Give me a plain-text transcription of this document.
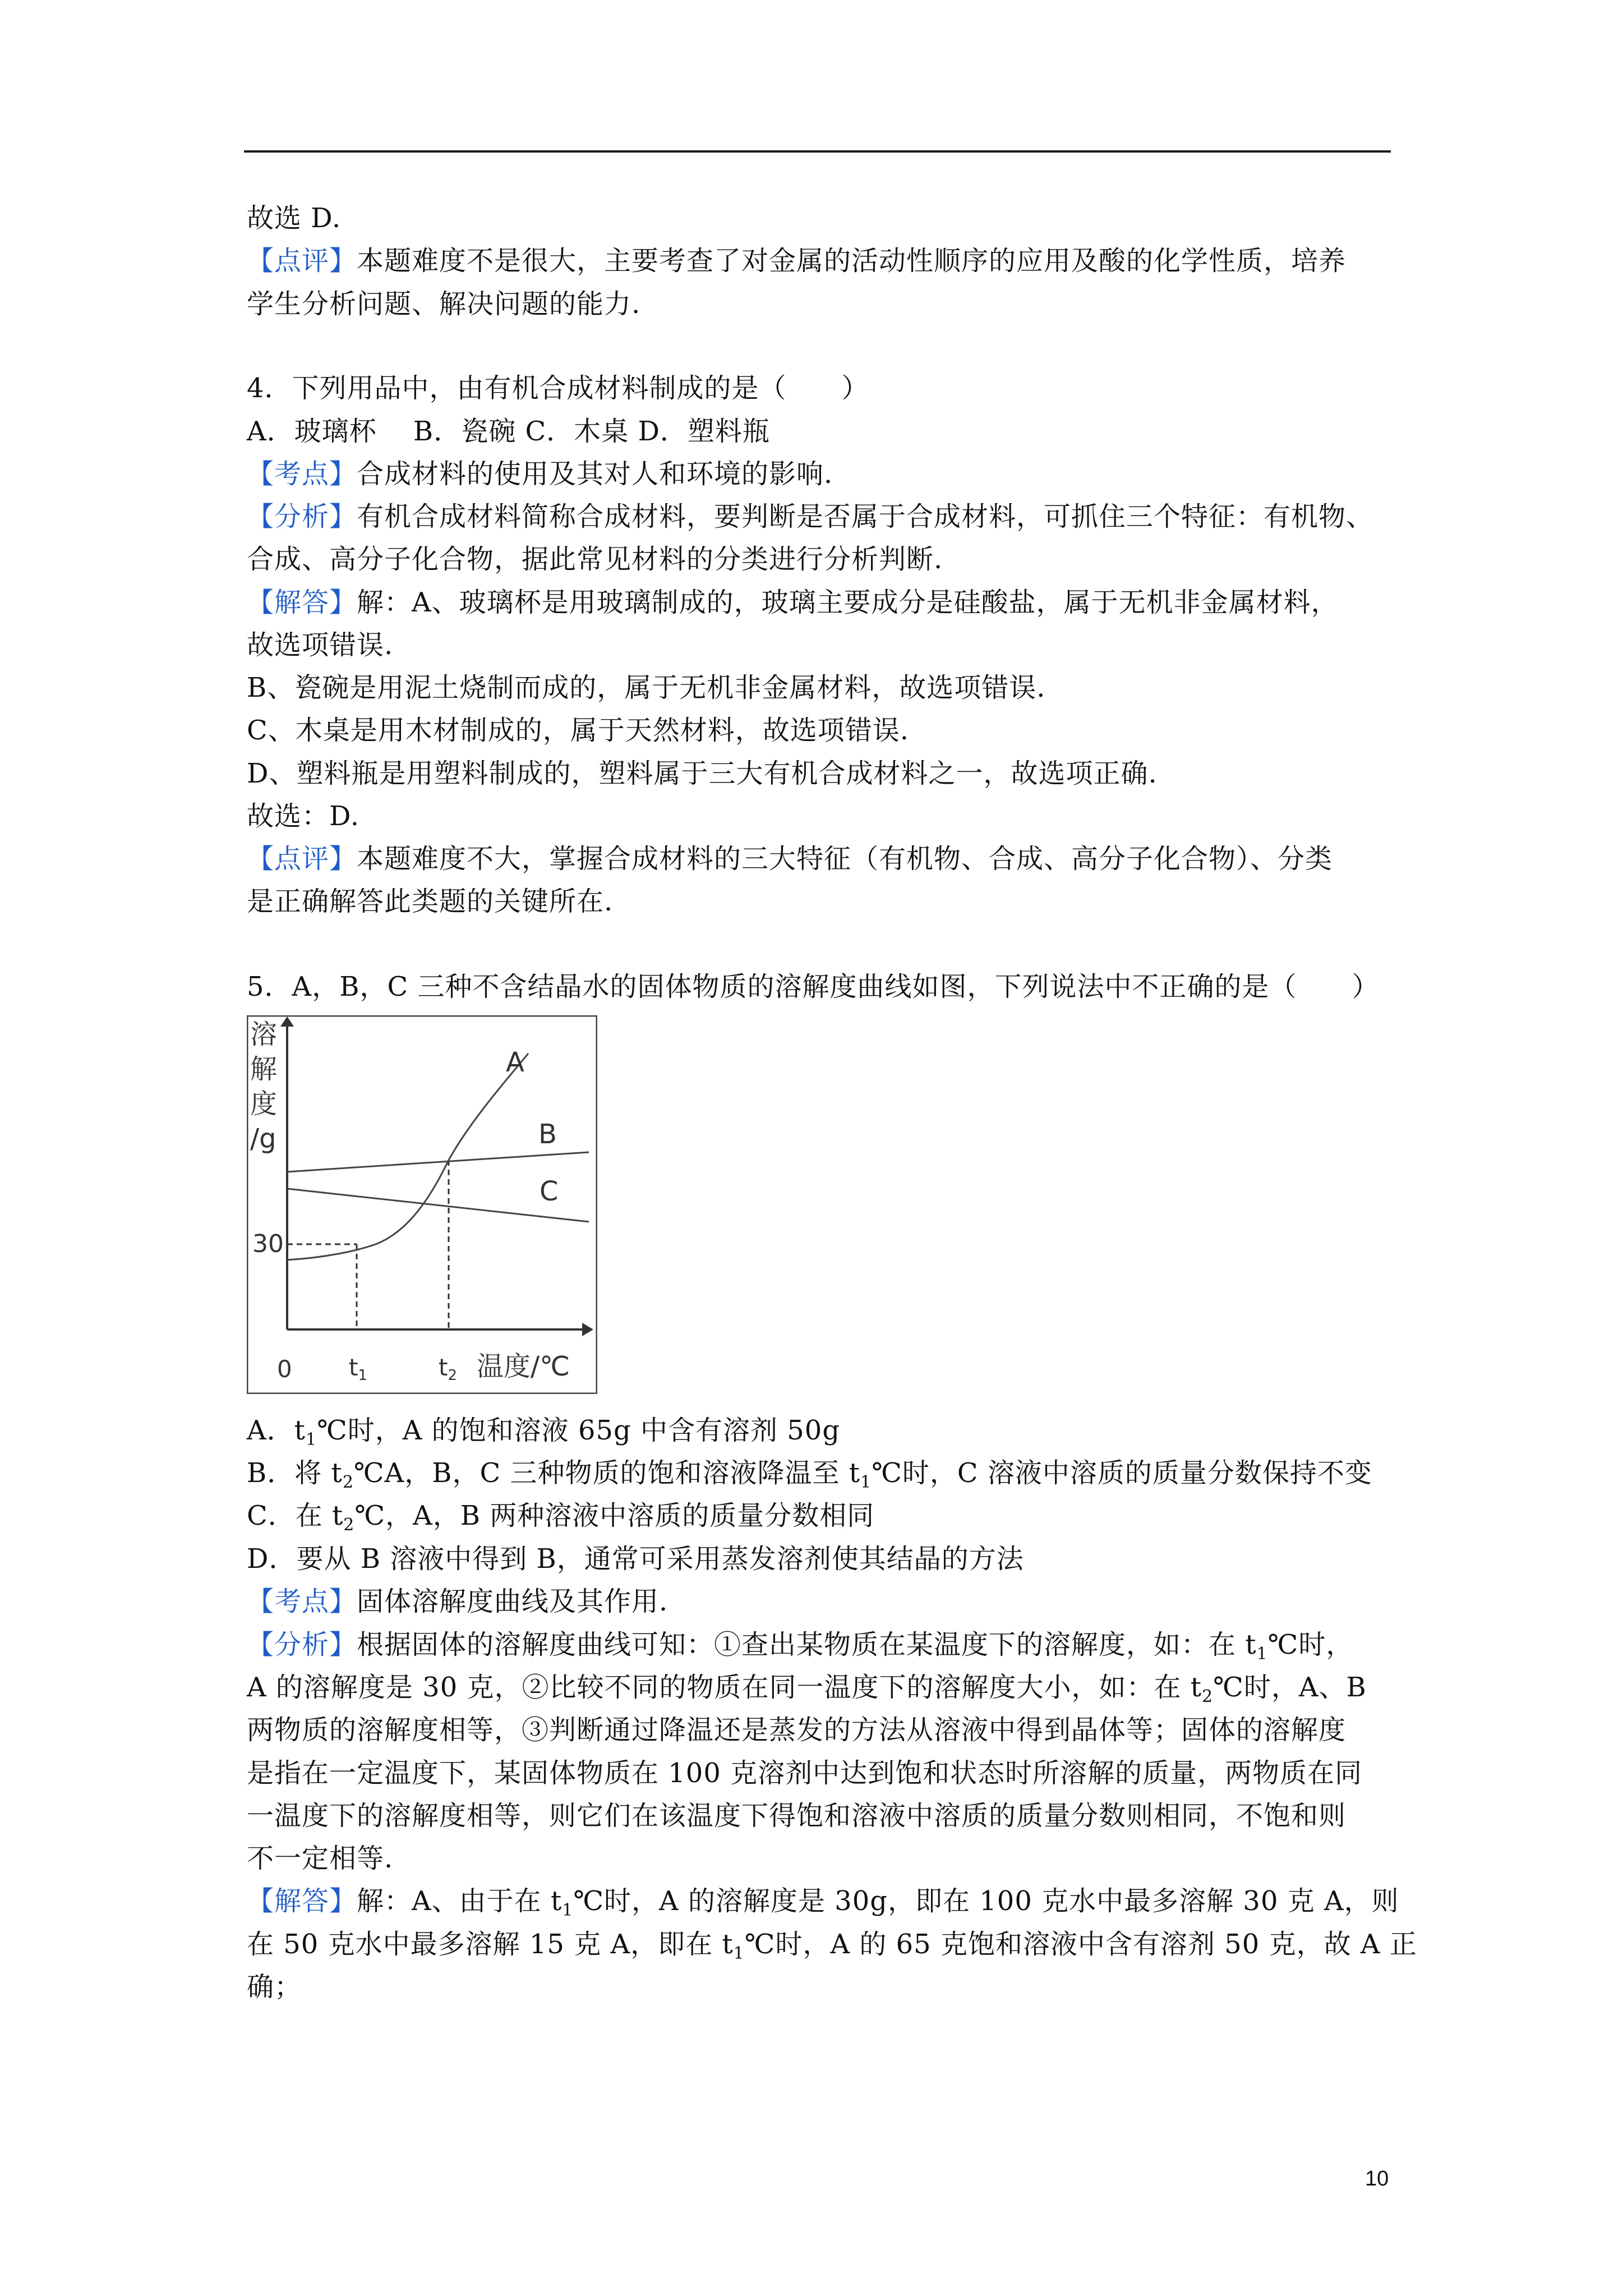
故选 D.
【点评】本题难度不是很大，主要考查了对金属的活动性顺序的应用及酸的化学性质，培养
学生分析问题、解决问题的能力.
4．下列用品中，由有机合成材料制成的是（　　）
A．玻璃杯　 B．瓷碗 C．木桌 D．塑料瓶
【考点】合成材料的使用及其对人和环境的影响.
【分析】有机合成材料简称合成材料，要判断是否属于合成材料，可抓住三个特征：有机物、
合成、高分子化合物，据此常见材料的分类进行分析判断.
【解答】解：A、玻璃杯是用玻璃制成的，玻璃主要成分是硅酸盐，属于无机非金属材料，
故选项错误.
B、瓷碗是用泥土烧制而成的，属于无机非金属材料，故选项错误.
C、木桌是用木材制成的，属于天然材料，故选项错误.
D、塑料瓶是用塑料制成的，塑料属于三大有机合成材料之一，故选项正确.
故选：D.
【点评】本题难度不大，掌握合成材料的三大特征（有机物、合成、高分子化合物）、分类
是正确解答此类题的关键所在.
5．A，B，C 三种不含结晶水的固体物质的溶解度曲线如图，下列说法中不正确的是（　　）
溶
解
度
/g
A
B
C
30
0 t1	t2 温度/℃
A．$t_1℃$时，A 的饱和溶液 65g 中含有溶剂 50g
B．将 $t_2℃A$，B，C 三种物质的饱和溶液降温至 $t_1℃$时，C 溶液中溶质的质量分数保持不变
C．在 $t_2℃$，A，B 两种溶液中溶质的质量分数相同
D．要从 B 溶液中得到 B，通常可采用蒸发溶剂使其结晶的方法
【考点】固体溶解度曲线及其作用.
【分析】根据固体的溶解度曲线可知：①查出某物质在某温度下的溶解度，如：在 $t_1℃$时，
A 的溶解度是 30 克，②比较不同的物质在同一温度下的溶解度大小，如：在 $t_2℃$时，A、B
两物质的溶解度相等，③判断通过降温还是蒸发的方法从溶液中得到晶体等；固体的溶解度
是指在一定温度下，某固体物质在 100 克溶剂中达到饱和状态时所溶解的质量，两物质在同
一温度下的溶解度相等，则它们在该温度下得饱和溶液中溶质的质量分数则相同，不饱和则
不一定相等.
【解答】解：A、由于在 $t_1℃$时，A 的溶解度是 30g，即在 100 克水中最多溶解 30 克 A，则
在 50 克水中最多溶解 15 克 A，即在 $t_1℃$时，A 的 65 克饱和溶液中含有溶剂 50 克，故 A 正
确；
10
